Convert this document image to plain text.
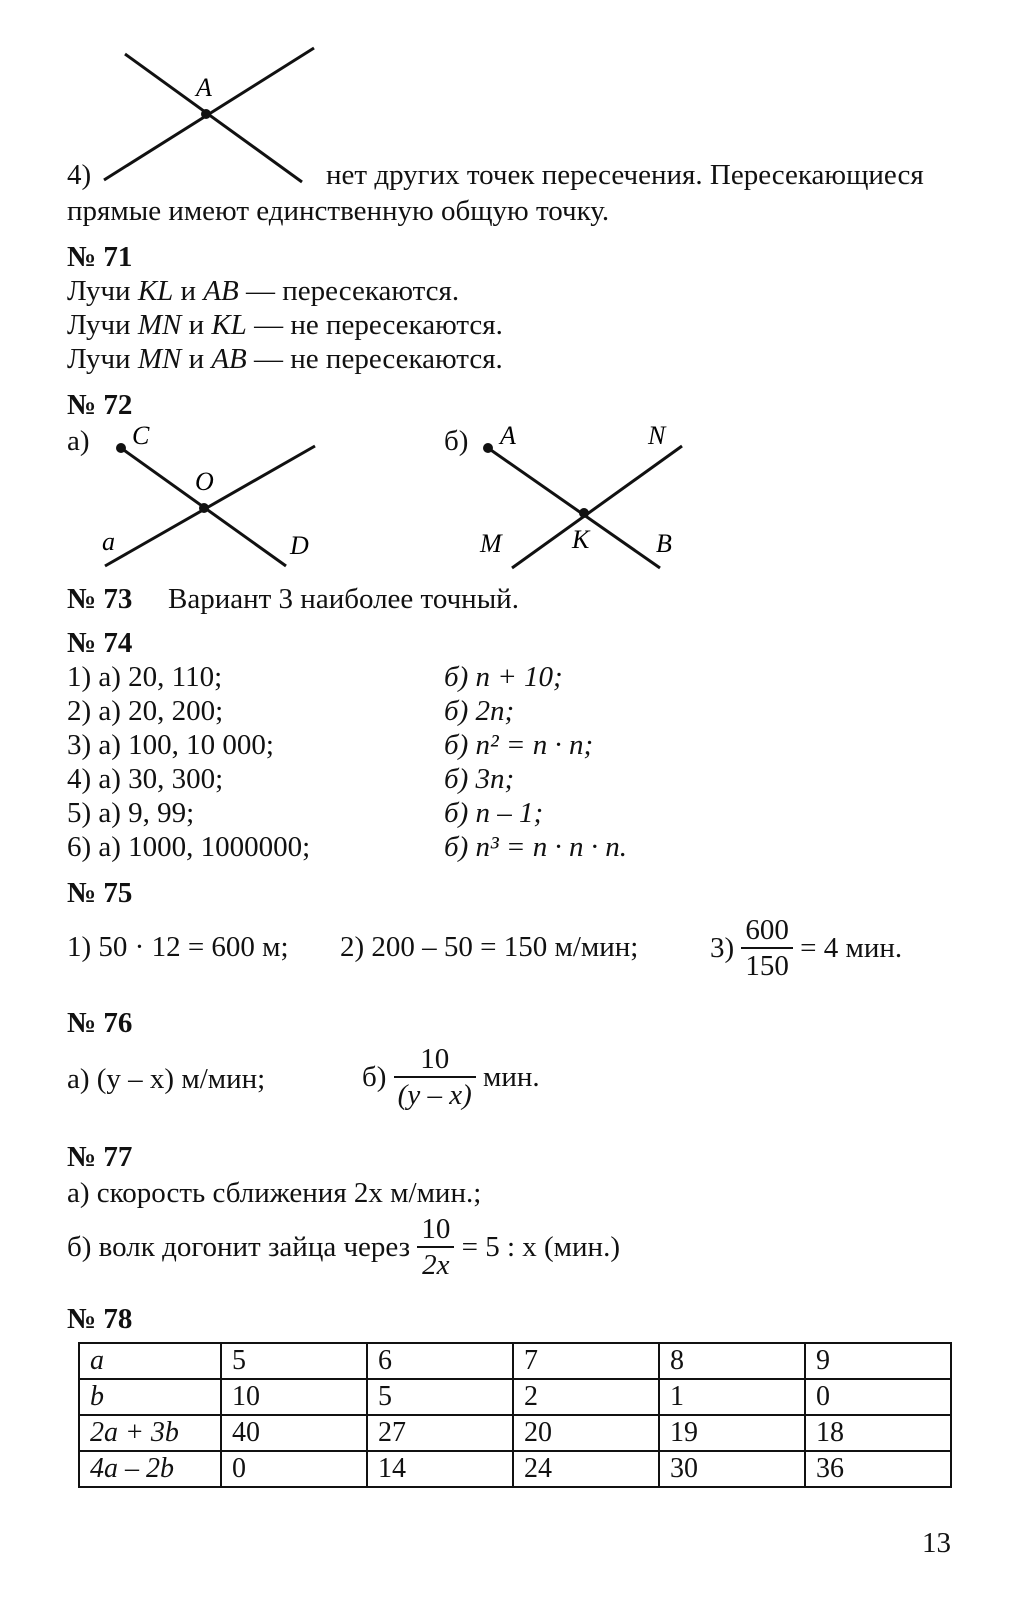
A
4)	нет других точек пересечения. Пересекающиеся
прямые имеют единственную общую точку.
№ 71
Лучи KL и AB — пересекаются.
Лучи MN и KL — не пересекаются.
Лучи MN и AB — не пересекаются.
№ 72
а)	б)
C
O
a	D
A	N
M	K	B
№ 73 Вариант 3 наиболее точный.
№ 74
1) а) 20, 110;	б) n + 10;
2) а) 20, 200;	б) 2n;
3) а) 100, 10 000;	б) n² = n · n;
4) а) 30, 300;	б) 3n;
5) а) 9, 99;	б) n – 1;
6) а) 1000, 1000000;	б) n³ = n · n · n.
№ 75
1) 50 · 12 = 600 м; 2) 200 – 50 = 150 м/мин; $3) \frac{600}{150} = 4$ мин.
№ 76
а) (y – x) м/мин;	$б) \frac{10}{(y - x)}$ мин.
№ 77
а) скорость сближения 2x м/мин.;
б) волк догонит зайца через $\frac{10}{2x} = 5$ : x (мин.)
№ 78
a	5	6	7	8	9
b	10	5	2	1	0
2a + 3b	40	27	20	19	18
4a – 2b	0	14	24	30	36
13
